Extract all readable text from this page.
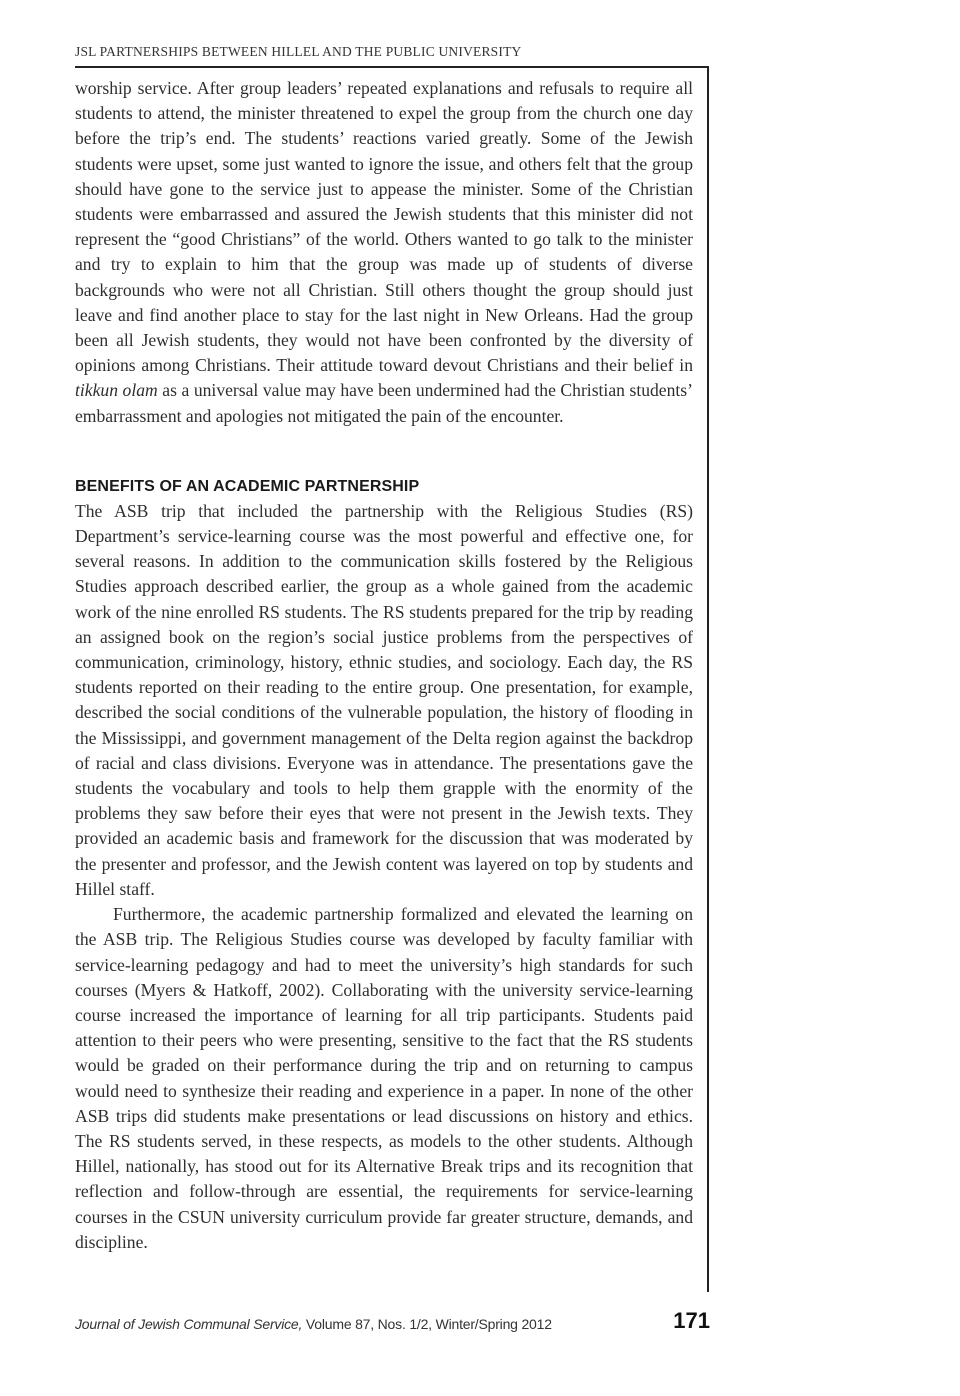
JSL PARTNERSHIPS BETWEEN HILLEL AND THE PUBLIC UNIVERSITY

worship service. After group leaders’ repeated explanations and refusals to require all students to attend, the minister threatened to expel the group from the church one day before the trip’s end. The students’ reactions varied greatly. Some of the Jewish students were upset, some just wanted to ignore the issue, and others felt that the group should have gone to the service just to appease the minister. Some of the Christian students were embarrassed and assured the Jewish students that this minister did not represent the “good Christians” of the world. Others wanted to go talk to the minister and try to explain to him that the group was made up of students of diverse backgrounds who were not all Christian. Still others thought the group should just leave and find another place to stay for the last night in New Orleans. Had the group been all Jewish students, they would not have been confronted by the diversity of opinions among Christians. Their attitude toward devout Christians and their belief in tikkun olam as a universal value may have been undermined had the Christian students’ embarrassment and apologies not mitigated the pain of the encounter.

BENEFITS OF AN ACADEMIC PARTNERSHIP

The ASB trip that included the partnership with the Religious Studies (RS) Department’s service-learning course was the most powerful and effective one, for several reasons. In addition to the communication skills fostered by the Religious Studies approach described earlier, the group as a whole gained from the academic work of the nine enrolled RS students. The RS students prepared for the trip by reading an assigned book on the region’s social justice problems from the perspectives of communication, criminology, history, ethnic studies, and sociology. Each day, the RS students reported on their reading to the entire group. One presentation, for example, described the social conditions of the vulnerable population, the history of flooding in the Mississippi, and government management of the Delta region against the backdrop of racial and class divisions. Everyone was in attendance. The presentations gave the students the vocabulary and tools to help them grapple with the enormity of the problems they saw before their eyes that were not present in the Jewish texts. They provided an academic basis and framework for the discussion that was moderated by the presenter and professor, and the Jewish content was layered on top by students and Hillel staff.

Furthermore, the academic partnership formalized and elevated the learning on the ASB trip. The Religious Studies course was developed by faculty familiar with service-learning pedagogy and had to meet the university’s high standards for such courses (Myers & Hatkoff, 2002). Collaborating with the university service-learning course increased the importance of learning for all trip participants. Students paid attention to their peers who were presenting, sensitive to the fact that the RS students would be graded on their performance during the trip and on returning to campus would need to synthesize their reading and experience in a paper. In none of the other ASB trips did students make presentations or lead discussions on history and ethics. The RS students served, in these respects, as models to the other students. Although Hillel, nationally, has stood out for its Alternative Break trips and its recognition that reflection and follow-through are essential, the requirements for service-learning courses in the CSUN university curriculum provide far greater structure, demands, and discipline.

Journal of Jewish Communal Service, Volume 87, Nos. 1/2, Winter/Spring 2012	171
